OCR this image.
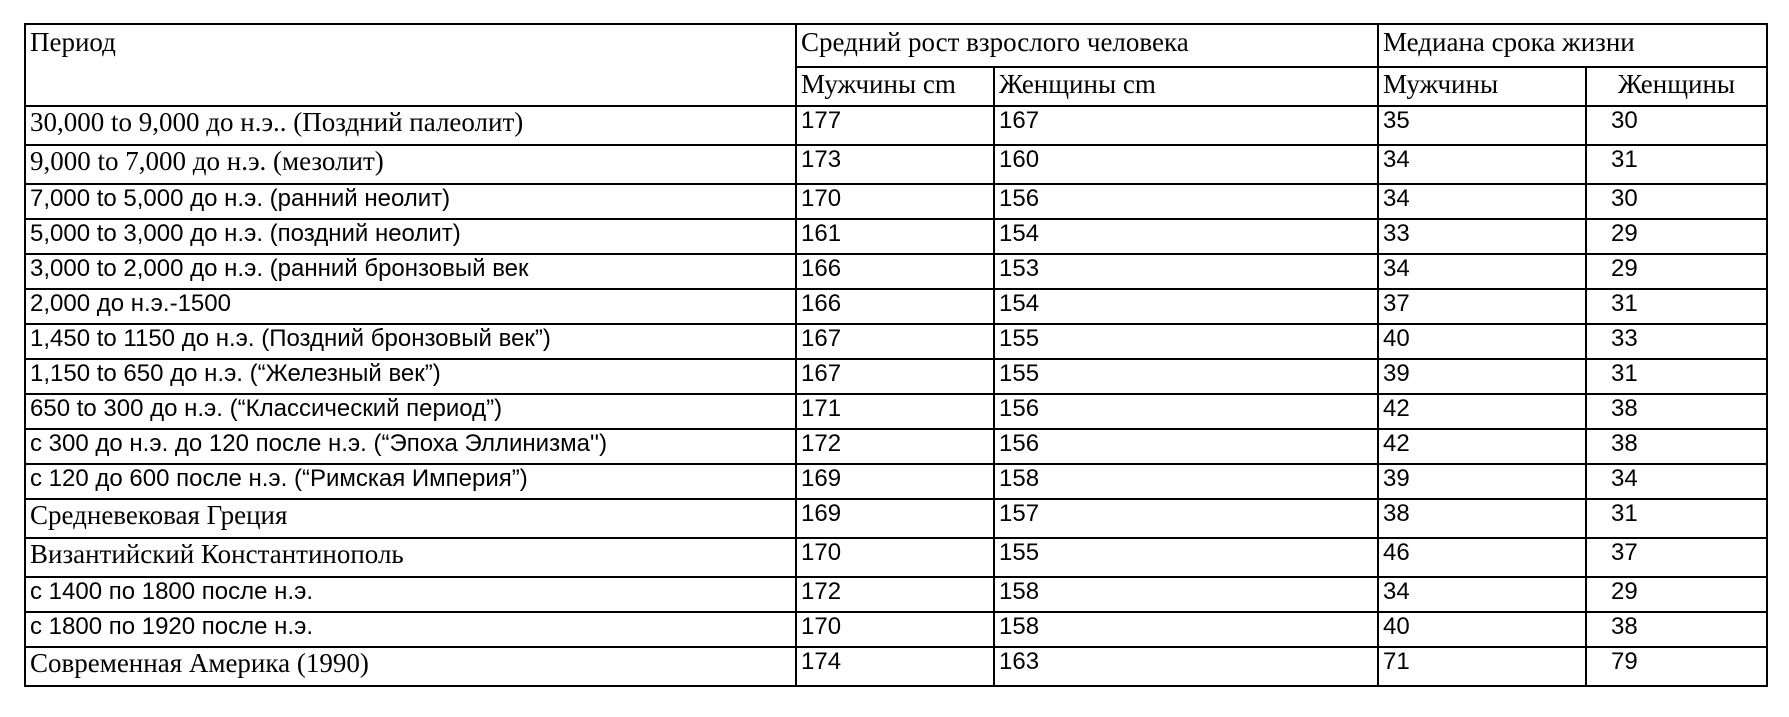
Период	Средний рост взрослого человека		Медиана срока жизни	
	Мужчины cm	Женщины cm	Мужчины	Женщины
30,000 to 9,000 до н.э.. (Поздний палеолит)	177	167	35	30
9,000 to 7,000 до н.э. (мезолит)	173	160	34	31
7,000 to 5,000 до н.э. (ранний неолит)	170	156	34	30
5,000 to 3,000 до н.э. (поздний неолит)	161	154	33	29
3,000 to 2,000 до н.э. (ранний бронзовый век	166	153	34	29
2,000 до н.э.-1500	166	154	37	31
1,450 to 1150 до н.э. (Поздний бронзовый век”)	167	155	40	33
1,150 to 650 до н.э. (“Железный век”)	167	155	39	31
650 to 300 до н.э. (“Классический период”)	171	156	42	38
с 300 до н.э. до 120 после н.э. (“Эпоха Эллинизма'')	172	156	42	38
с 120 до 600 после н.э. (“Римская Империя”)	169	158	39	34
Средневековая Греция	169	157	38	31
Византийский Константинополь	170	155	46	37
с 1400 по 1800 после н.э.	172	158	34	29
с 1800 по 1920 после н.э.	170	158	40	38
Современная Америка (1990)	174	163	71	79
